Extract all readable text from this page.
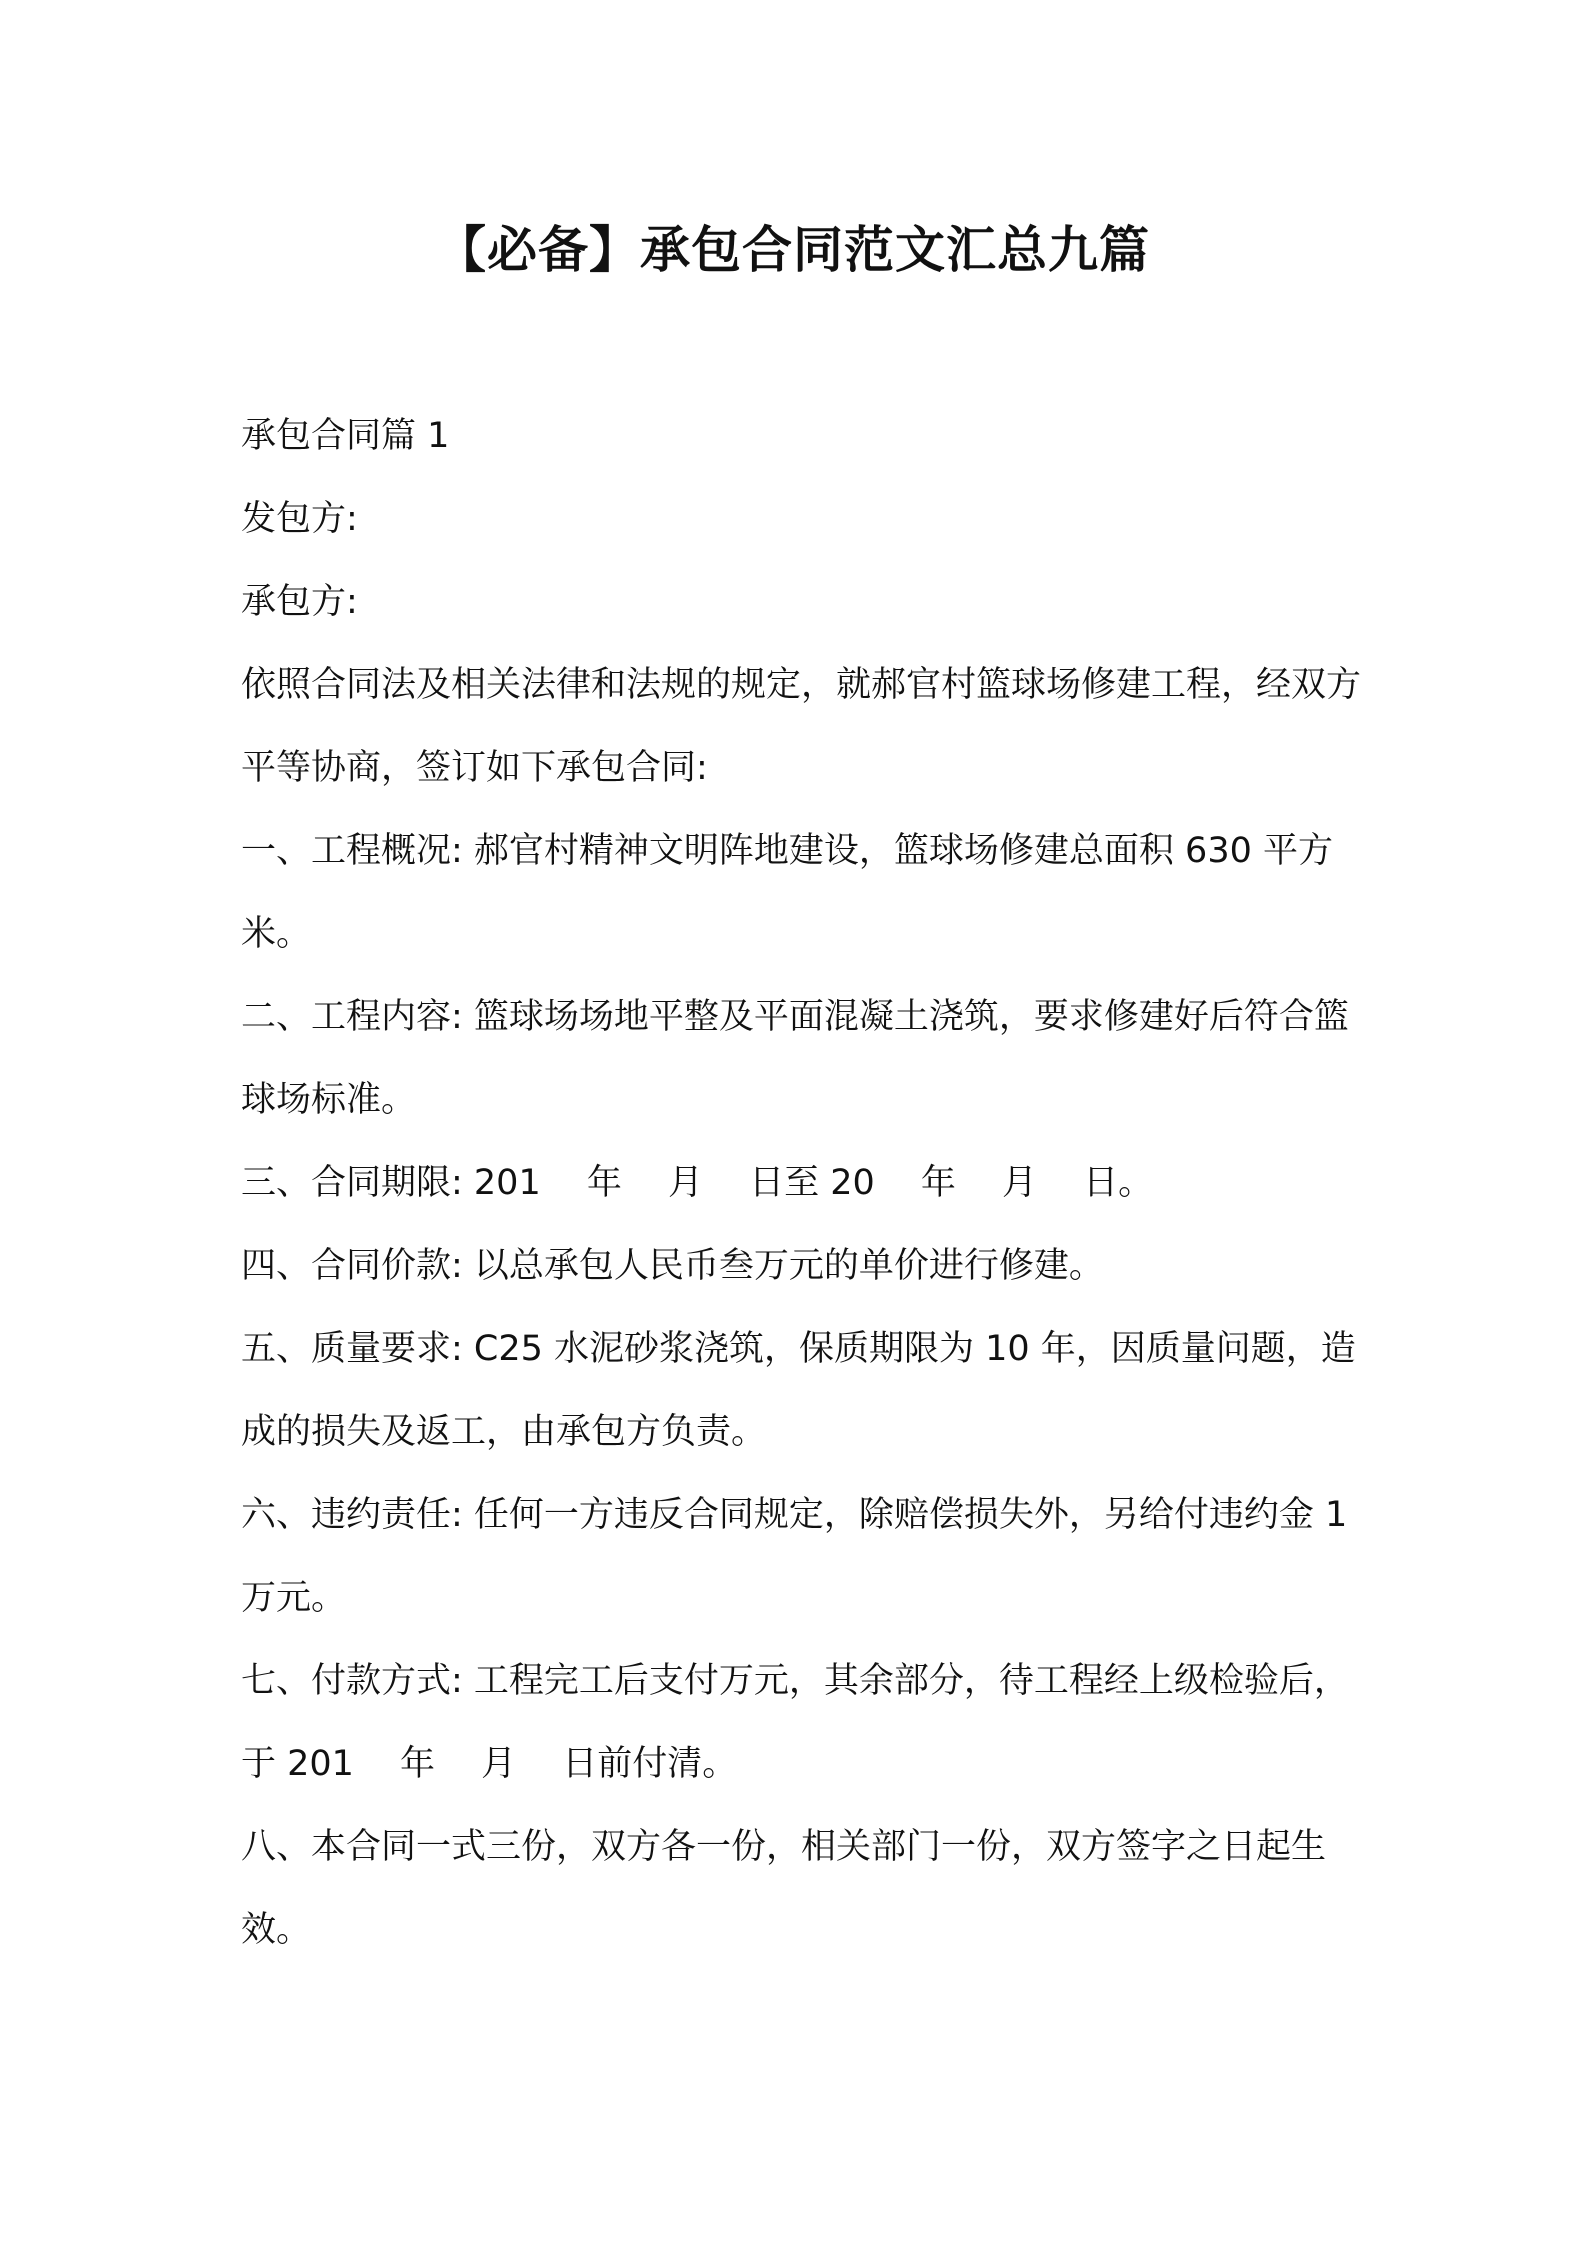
【必备】承包合同范文汇总九篇

承包合同篇 1

发包方:

承包方:

依照合同法及相关法律和法规的规定，就郝官村篮球场修建工程，经双方平等协商，签订如下承包合同:

一、工程概况: 郝官村精神文明阵地建设，篮球场修建总面积 630 平方米。

二、工程内容: 篮球场场地平整及平面混凝土浇筑，要求修建好后符合篮球场标准。

三、合同期限: 201　 年　 月　 日至 20　 年　 月　 日。

四、合同价款: 以总承包人民币叁万元的单价进行修建。

五、质量要求: C25 水泥砂浆浇筑，保质期限为 10 年，因质量问题，造成的损失及返工，由承包方负责。

六、违约责任: 任何一方违反合同规定，除赔偿损失外，另给付违约金 1 万元。

七、付款方式: 工程完工后支付万元，其余部分，待工程经上级检验后，于 201　 年　 月　 日前付清。

八、本合同一式三份，双方各一份，相关部门一份，双方签字之日起生效。
